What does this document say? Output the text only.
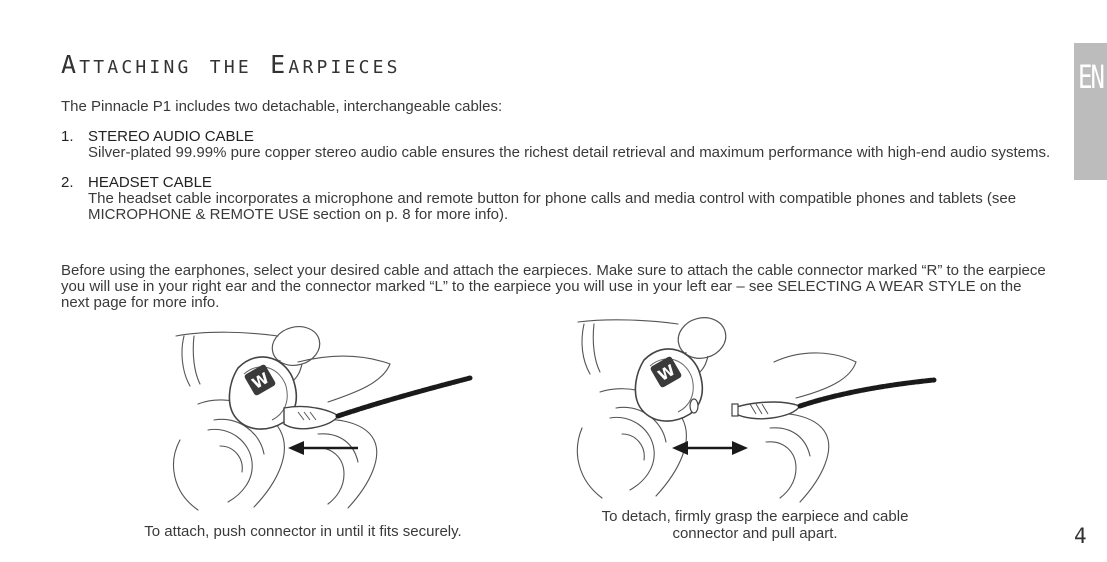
Attaching the Earpieces
The Pinnacle P1 includes two detachable, interchangeable cables:
1. STEREO AUDIO CABLE
Silver-plated 99.99% pure copper stereo audio cable ensures the richest detail retrieval and maximum performance with high-end audio systems.
2. HEADSET CABLE
The headset cable incorporates a microphone and remote button for phone calls and media control with compatible phones and tablets (see MICROPHONE & REMOTE USE section on p. 8 for more info).
Before using the earphones, select your desired cable and attach the earpieces. Make sure to attach the cable connector marked “R” to the earpiece you will use in your right ear and the connector marked “L” to the earpiece you will use in your left ear – see SELECTING A WEAR STYLE on the next page for more info.
W	W
To attach, push connector in until it fits securely.
To detach, firmly grasp the earpiece and cable connector and pull apart.
EN
4
